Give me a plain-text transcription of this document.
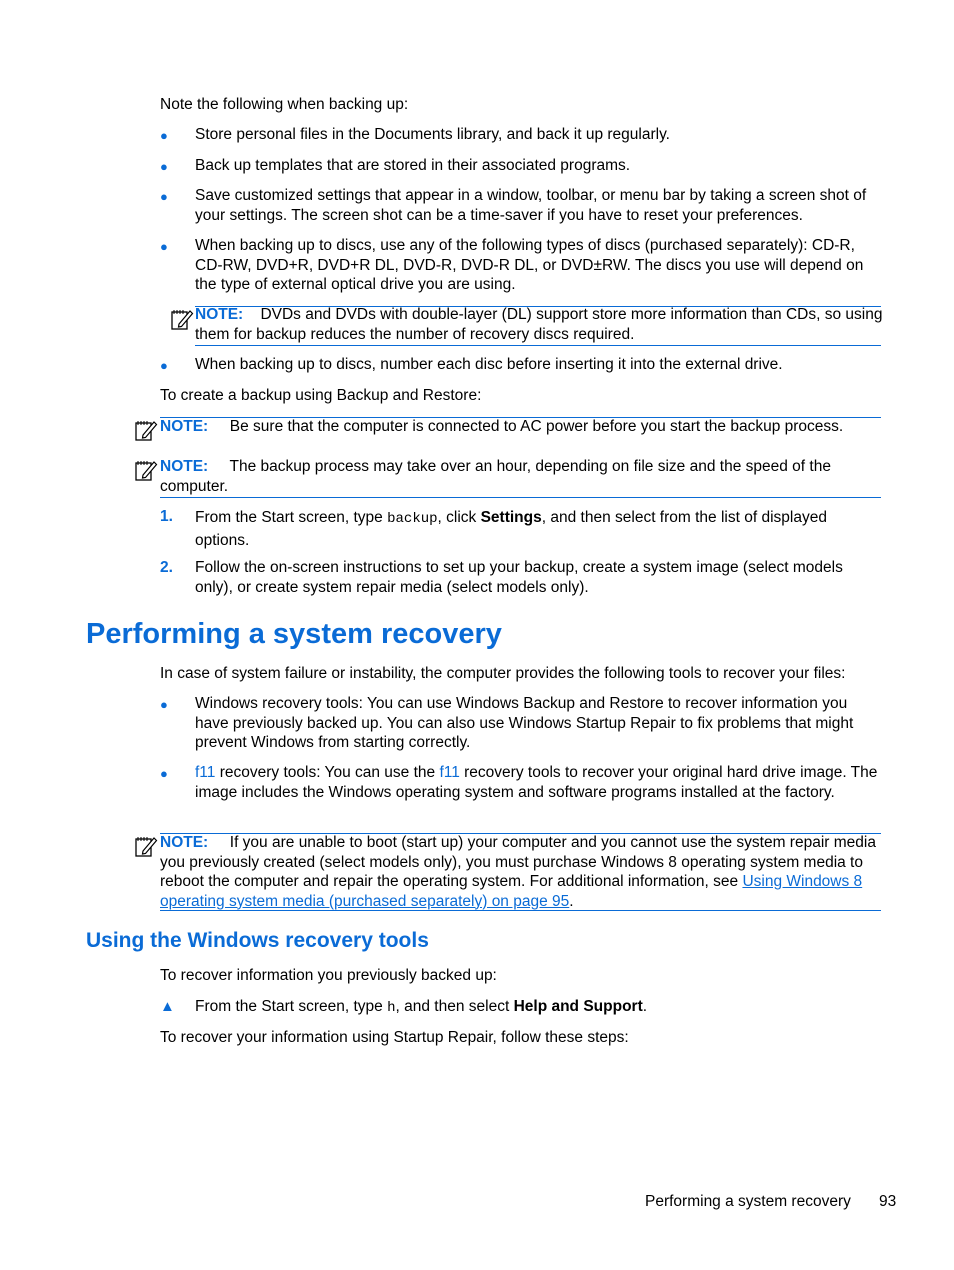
Note the following when backing up:
● Store personal files in the Documents library, and back it up regularly.
● Back up templates that are stored in their associated programs.
● Save customized settings that appear in a window, toolbar, or menu bar by taking a screen shot of your settings. The screen shot can be a time-saver if you have to reset your preferences.
● When backing up to discs, use any of the following types of discs (purchased separately): CD-R, CD-RW, DVD+R, DVD+R DL, DVD-R, DVD-R DL, or DVD±RW. The discs you use will depend on the type of external optical drive you are using.
NOTE: DVDs and DVDs with double-layer (DL) support store more information than CDs, so using them for backup reduces the number of recovery discs required.
● When backing up to discs, number each disc before inserting it into the external drive.
To create a backup using Backup and Restore:
NOTE: Be sure that the computer is connected to AC power before you start the backup process.
NOTE: The backup process may take over an hour, depending on file size and the speed of the computer.
1. From the Start screen, type backup, click Settings, and then select from the list of displayed options.
2. Follow the on-screen instructions to set up your backup, create a system image (select models only), or create system repair media (select models only).
Performing a system recovery
In case of system failure or instability, the computer provides the following tools to recover your files:
● Windows recovery tools: You can use Windows Backup and Restore to recover information you have previously backed up. You can also use Windows Startup Repair to fix problems that might prevent Windows from starting correctly.
● f11 recovery tools: You can use the f11 recovery tools to recover your original hard drive image. The image includes the Windows operating system and software programs installed at the factory.
NOTE: If you are unable to boot (start up) your computer and you cannot use the system repair media you previously created (select models only), you must purchase Windows 8 operating system media to reboot the computer and repair the operating system. For additional information, see Using Windows 8 operating system media (purchased separately) on page 95.
Using the Windows recovery tools
To recover information you previously backed up:
▲ From the Start screen, type h, and then select Help and Support.
To recover your information using Startup Repair, follow these steps:
Performing a system recovery 93
